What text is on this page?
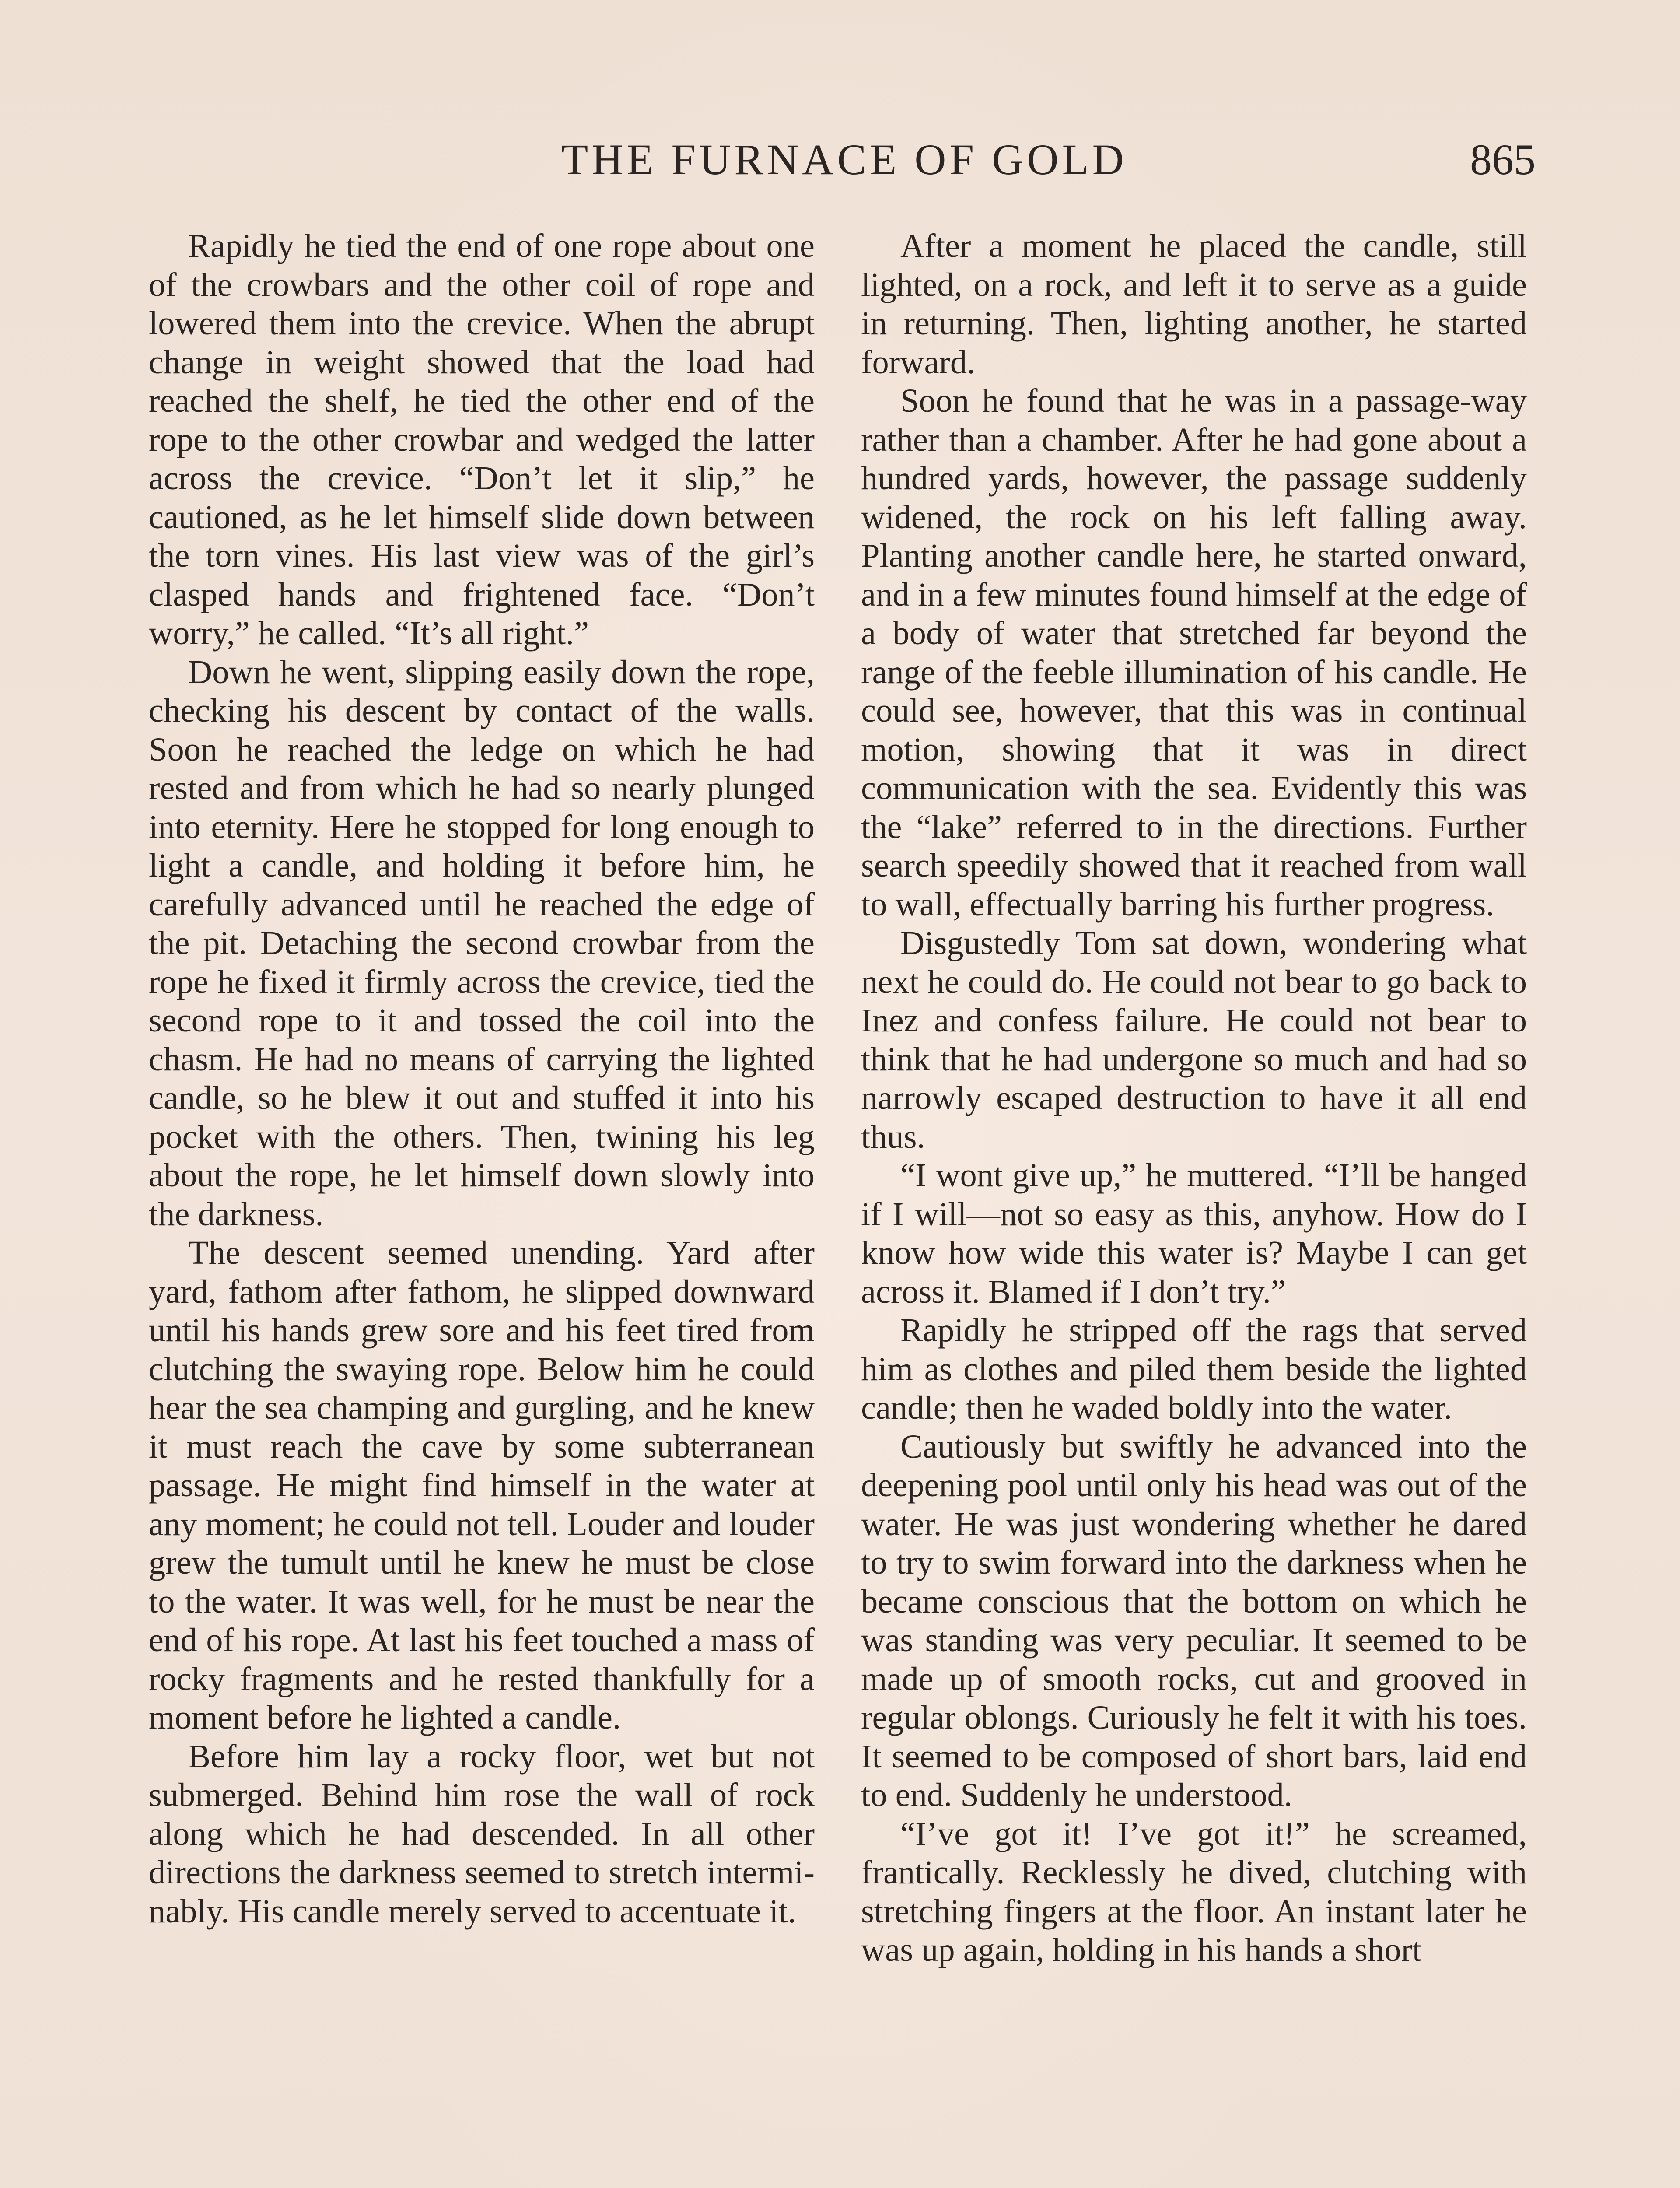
THE FURNACE OF GOLD	865

Rapidly he tied the end of one rope about one of the crowbars and the other coil of rope and lowered them into the crevice. When the abrupt change in weight showed that the load had reached the shelf, he tied the other end of the rope to the other crowbar and wedged the latter across the crevice. “Don’t let it slip,” he cautioned, as he let himself slide down between the torn vines. His last view was of the girl’s clasped hands and frightened face. “Don’t worry,” he called. “It’s all right.”

Down he went, slipping easily down the rope, checking his descent by contact of the walls. Soon he reached the ledge on which he had rested and from which he had so nearly plunged into eternity. Here he stopped for long enough to light a candle, and holding it before him, he carefully advanced until he reached the edge of the pit. Detaching the second crowbar from the rope he fixed it firmly across the crevice, tied the second rope to it and tossed the coil into the chasm. He had no means of carrying the lighted candle, so he blew it out and stuffed it into his pocket with the others. Then, twining his leg about the rope, he let himself down slowly into the darkness.

The descent seemed unending. Yard after yard, fathom after fathom, he slipped downward until his hands grew sore and his feet tired from clutching the swaying rope. Below him he could hear the sea champing and gurgling, and he knew it must reach the cave by some subterranean passage. He might find himself in the water at any moment; he could not tell. Louder and louder grew the tumult until he knew he must be close to the water. It was well, for he must be near the end of his rope. At last his feet touched a mass of rocky fragments and he rested thankfully for a moment before he lighted a candle.

Before him lay a rocky floor, wet but not submerged. Behind him rose the wall of rock along which he had descended. In all other directions the darkness seemed to stretch interminably. His candle merely served to accentuate it.

After a moment he placed the candle, still lighted, on a rock, and left it to serve as a guide in returning. Then, lighting another, he started forward.

Soon he found that he was in a passage-way rather than a chamber. After he had gone about a hundred yards, however, the passage suddenly widened, the rock on his left falling away. Planting another candle here, he started onward, and in a few minutes found himself at the edge of a body of water that stretched far beyond the range of the feeble illumination of his candle. He could see, however, that this was in continual motion, showing that it was in direct communication with the sea. Evidently this was the “lake” referred to in the directions. Further search speedily showed that it reached from wall to wall, effectually barring his further progress.

Disgustedly Tom sat down, wondering what next he could do. He could not bear to go back to Inez and confess failure. He could not bear to think that he had undergone so much and had so narrowly escaped destruction to have it all end thus.

“I wont give up,” he muttered. “I’ll be hanged if I will—not so easy as this, anyhow. How do I know how wide this water is? Maybe I can get across it. Blamed if I don’t try.”

Rapidly he stripped off the rags that served him as clothes and piled them beside the lighted candle; then he waded boldly into the water.

Cautiously but swiftly he advanced into the deepening pool until only his head was out of the water. He was just wondering whether he dared to try to swim forward into the darkness when he became conscious that the bottom on which he was standing was very peculiar. It seemed to be made up of smooth rocks, cut and grooved in regular oblongs. Curiously he felt it with his toes. It seemed to be composed of short bars, laid end to end. Suddenly he understood.

“I’ve got it! I’ve got it!” he screamed, frantically. Recklessly he dived, clutching with stretching fingers at the floor. An instant later he was up again, holding in his hands a short
